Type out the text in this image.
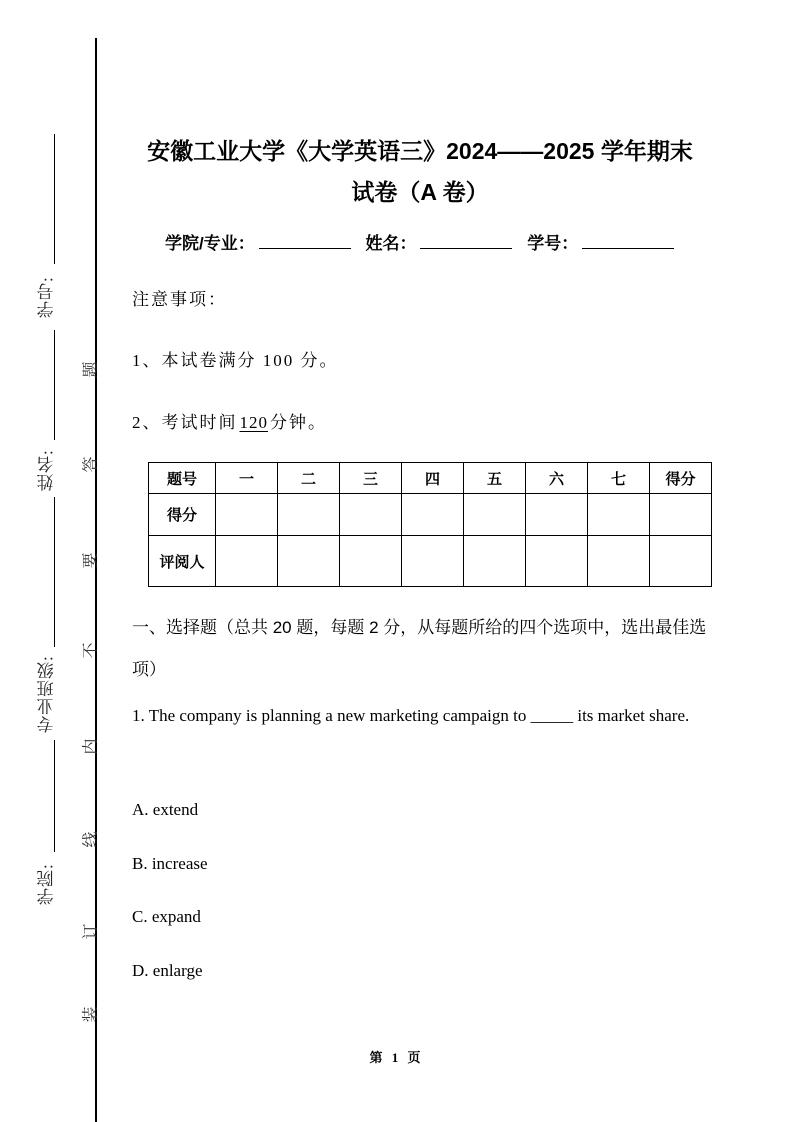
学号:
姓名:
专业班级:
学院:
题
答
要
不
内
线
订
装
安徽工业大学《大学英语三》2024——2025 学年期末
试卷（A 卷）
学院/专业：	姓名：	学号：
注意事项：
1、本试卷满分 100 分。
2、考试时间 120 分钟。
题号	一	二	三	四	五	六	七	得分
得分								
评阅人								
一、选择题（总共 20 题，每题 2 分，从每题所给的四个选项中，选出最佳选项）
1. The company is planning a new marketing campaign to _____ its market share.
A. extend
B. increase
C. expand
D. enlarge
第 1 页
